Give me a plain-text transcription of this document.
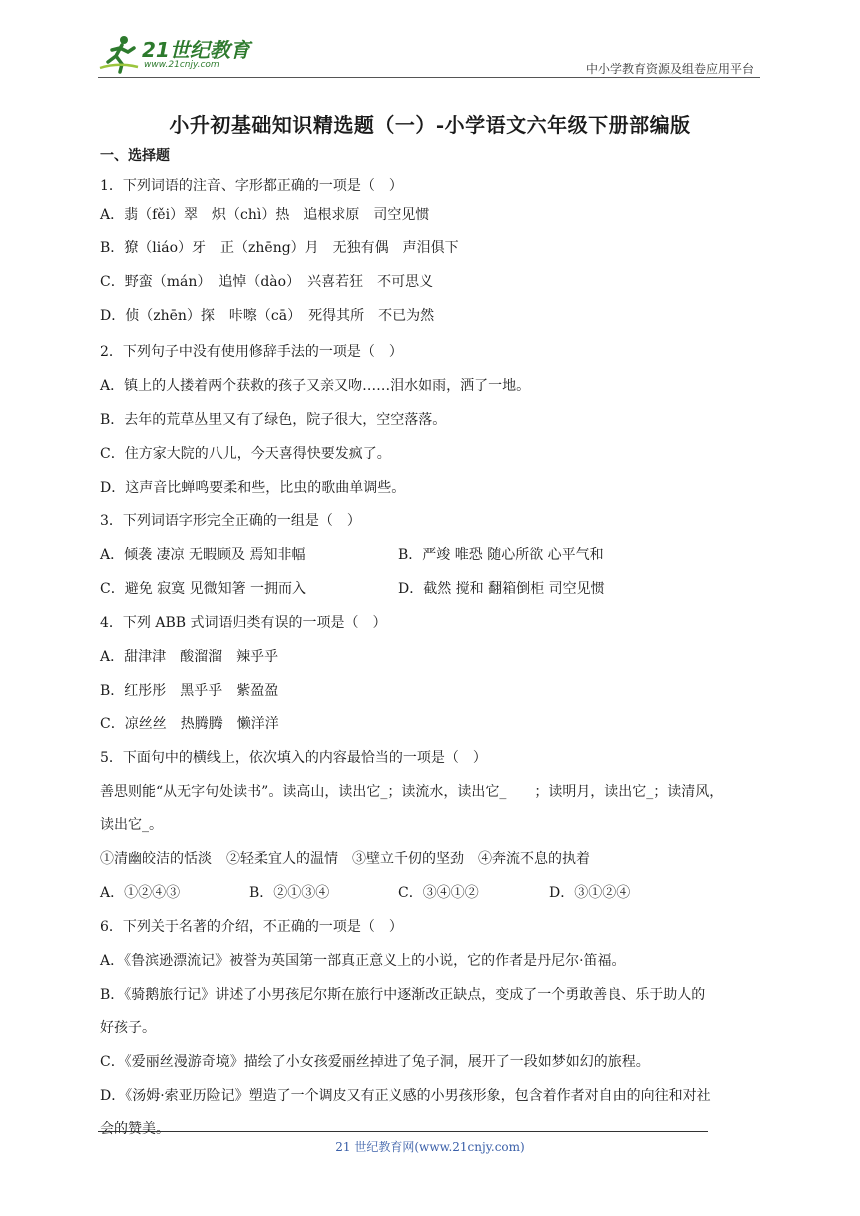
21世纪教育
www.21cnjy.com	中小学教育资源及组卷应用平台
小升初基础知识精选题（一）-小学语文六年级下册部编版
一、选择题
1．下列词语的注音、字形都正确的一项是（　）
A．翡（fěi）翠　炽（chì）热　追根求原　司空见惯
B．獠（liáo）牙　正（zhēng）月　无独有偶　声泪俱下
C．野蛮（mán）　追悼（dào）　兴喜若狂　不可思义
D．侦（zhēn）探　咔嚓（cā）　死得其所　不已为然
2．下列句子中没有使用修辞手法的一项是（　）
A．镇上的人搂着两个获救的孩子又亲又吻……泪水如雨，洒了一地。
B．去年的荒草丛里又有了绿色，院子很大，空空落落。
C．住方家大院的八儿，今天喜得快要发疯了。
D．这声音比蝉鸣要柔和些，比虫的歌曲单调些。
3．下列词语字形完全正确的一组是（　）
A．倾袭 凄凉 无暇顾及 焉知非幅	B．严竣 唯恐 随心所欲 心平气和
C．避免 寂寞 见微知箸 一拥而入	D．截然 搅和 翻箱倒柜 司空见惯
4．下列 ABB 式词语归类有误的一项是（　）
A．甜津津　酸溜溜　辣乎乎
B．红彤彤　黑乎乎　紫盈盈
C．凉丝丝　热腾腾　懒洋洋
5．下面句中的横线上，依次填入的内容最恰当的一项是（　）
善思则能“从无字句处读书”。读高山，读出它_；读流水，读出它_　　；读明月，读出它_；读清风，
读出它_。
①清幽皎洁的恬淡　②轻柔宜人的温情　③壁立千仞的坚劲　④奔流不息的执着
A．①②④③	B．②①③④	C．③④①②	D．③①②④
6．下列关于名著的介绍，不正确的一项是（　）
A．《鲁滨逊漂流记》被誉为英国第一部真正意义上的小说，它的作者是丹尼尔·笛福。
B．《骑鹅旅行记》讲述了小男孩尼尔斯在旅行中逐渐改正缺点，变成了一个勇敢善良、乐于助人的
好孩子。
C．《爱丽丝漫游奇境》描绘了小女孩爱丽丝掉进了兔子洞，展开了一段如梦如幻的旅程。
D．《汤姆·索亚历险记》塑造了一个调皮又有正义感的小男孩形象，包含着作者对自由的向往和对社
会的赞美。
21 世纪教育网(www.21cnjy.com)
